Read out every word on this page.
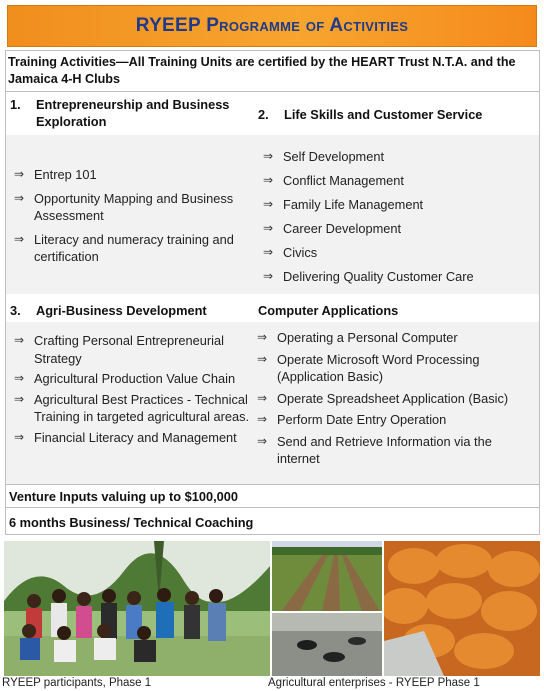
RYEEP Programme of Activities
Training Activities—All Training Units are certified by the HEART Trust N.T.A. and the Jamaica 4-H Clubs
1.	Entrepreneurship and Business Exploration	2.	Life Skills and Customer Service
⇒ Entrep 101
⇒ Opportunity Mapping and Business Assessment
⇒ Literacy and numeracy training and certification
⇒ Self Development
⇒ Conflict Management
⇒ Family Life Management
⇒ Career Development
⇒ Civics
⇒ Delivering Quality Customer Care
3.	Agri-Business Development	Computer Applications
⇒ Crafting Personal Entrepreneurial Strategy
⇒ Agricultural Production Value Chain
⇒ Agricultural Best Practices - Technical Training in targeted agricultural areas.
⇒ Financial Literacy and Management
⇒ Operating a Personal Computer
⇒ Operate Microsoft Word Processing (Application Basic)
⇒ Operate Spreadsheet Application (Basic)
⇒ Perform Date Entry Operation
⇒ Send and Retrieve Information via the internet
Venture Inputs valuing up to $100,000
6 months Business/ Technical Coaching
RYEEP participants, Phase 1	Agricultural enterprises - RYEEP Phase 1
